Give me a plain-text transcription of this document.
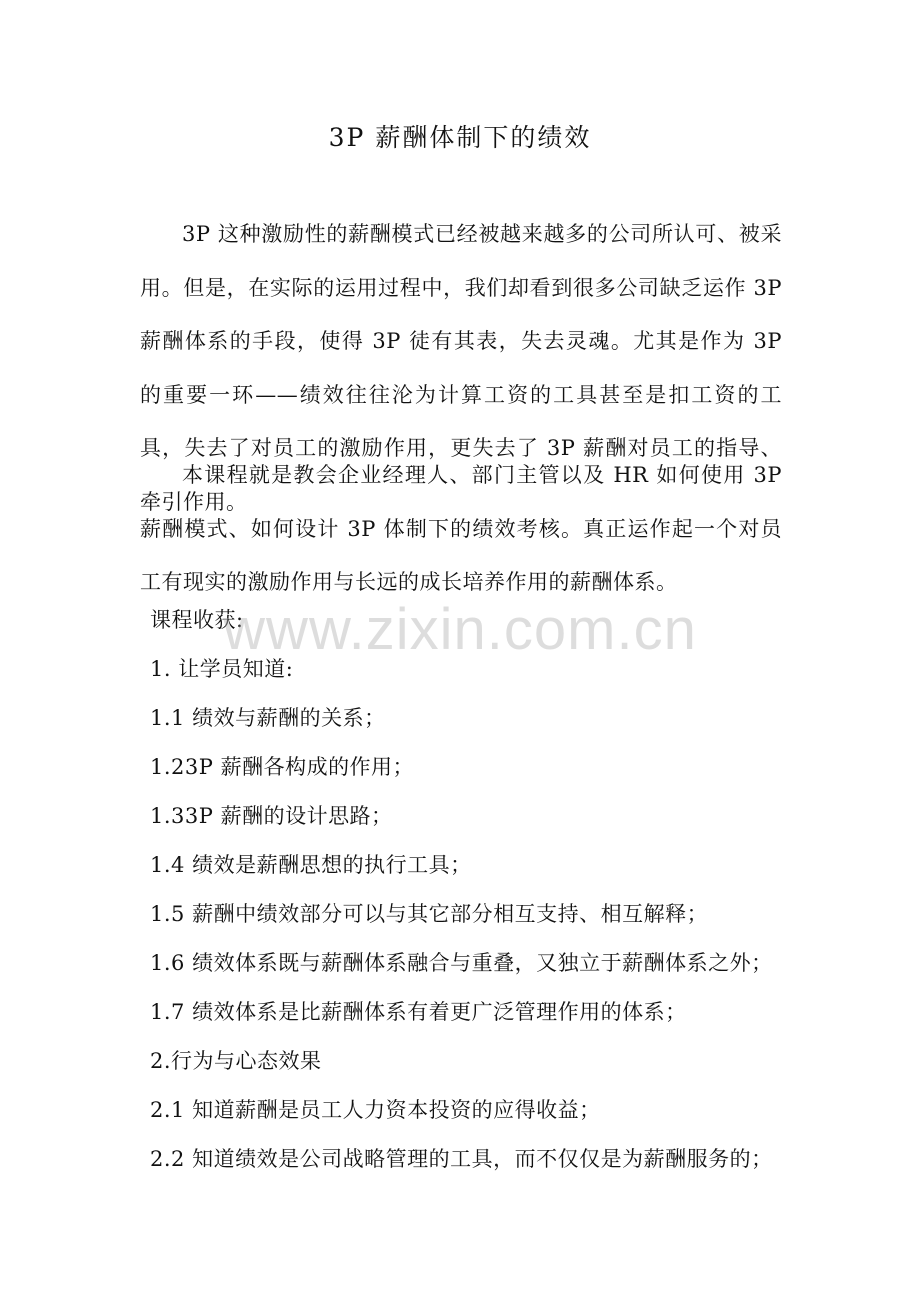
3P 薪酬体制下的绩效

3P 这种激励性的薪酬模式已经被越来越多的公司所认可、被采用。但是，在实际的运用过程中，我们却看到很多公司缺乏运作 3P 薪酬体系的手段，使得 3P 徒有其表，失去灵魂。尤其是作为 3P 的重要一环——绩效往往沦为计算工资的工具甚至是扣工资的工具，失去了对员工的激励作用，更失去了 3P 薪酬对员工的指导、牵引作用。

本课程就是教会企业经理人、部门主管以及 HR 如何使用 3P 薪酬模式、如何设计 3P 体制下的绩效考核。真正运作起一个对员工有现实的激励作用与长远的成长培养作用的薪酬体系。

课程收获:
1. 让学员知道:
1.1 绩效与薪酬的关系；
1.23P 薪酬各构成的作用；
1.33P 薪酬的设计思路；
1.4 绩效是薪酬思想的执行工具；
1.5 薪酬中绩效部分可以与其它部分相互支持、相互解释；
1.6 绩效体系既与薪酬体系融合与重叠，又独立于薪酬体系之外；
1.7 绩效体系是比薪酬体系有着更广泛管理作用的体系；
2.行为与心态效果
2.1 知道薪酬是员工人力资本投资的应得收益；
2.2 知道绩效是公司战略管理的工具，而不仅仅是为薪酬服务的；
www.zixin.com.cn
